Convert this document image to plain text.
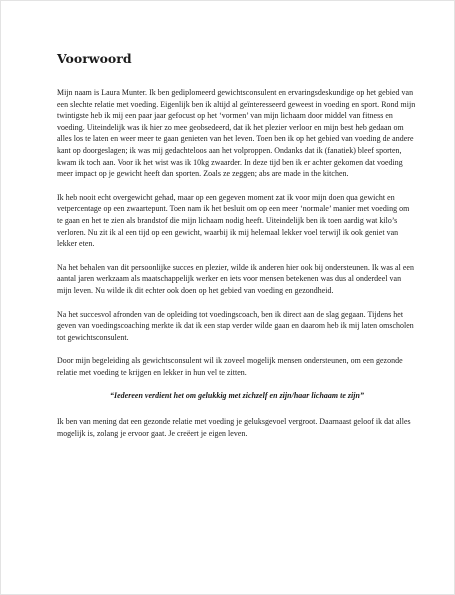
Voorwoord

Mijn naam is Laura Munter. Ik ben gediplomeerd gewichtsconsulent en ervaringsdeskundige op het gebied van een slechte relatie met voeding. Eigenlijk ben ik altijd al geïnteresseerd geweest in voeding en sport. Rond mijn twintigste heb ik mij een paar jaar gefocust op het ‘vormen’ van mijn lichaam door middel van fitness en voeding. Uiteindelijk was ik hier zo mee geobsedeerd, dat ik het plezier verloor en mijn best heb gedaan om alles los te laten en weer meer te gaan genieten van het leven. Toen ben ik op het gebied van voeding de andere kant op doorgeslagen; ik was mij gedachteloos aan het volproppen. Ondanks dat ik (fanatiek) bleef sporten, kwam ik toch aan. Voor ik het wist was ik 10kg zwaarder. In deze tijd ben ik er achter gekomen dat voeding meer impact op je gewicht heeft dan sporten. Zoals ze zeggen; abs are made in the kitchen.

Ik heb nooit echt overgewicht gehad, maar op een gegeven moment zat ik voor mijn doen qua gewicht en vetpercentage op een zwaartepunt. Toen nam ik het besluit om op een meer ‘normale’ manier met voeding om te gaan en het te zien als brandstof die mijn lichaam nodig heeft. Uiteindelijk ben ik toen aardig wat kilo’s verloren. Nu zit ik al een tijd op een gewicht, waarbij ik mij helemaal lekker voel terwijl ik ook geniet van lekker eten.

Na het behalen van dit persoonlijke succes en plezier, wilde ik anderen hier ook bij ondersteunen. Ik was al een aantal jaren werkzaam als maatschappelijk werker en iets voor mensen betekenen was dus al onderdeel van mijn leven. Nu wilde ik dit echter ook doen op het gebied van voeding en gezondheid.

Na het succesvol afronden van de opleiding tot voedingscoach, ben ik direct aan de slag gegaan. Tijdens het geven van voedingscoaching merkte ik dat ik een stap verder wilde gaan en daarom heb ik mij laten omscholen tot gewichtsconsulent.

Door mijn begeleiding als gewichtsconsulent wil ik zoveel mogelijk mensen ondersteunen, om een gezonde relatie met voeding te krijgen en lekker in hun vel te zitten.

“Iedereen verdient het om gelukkig met zichzelf en zijn/haar lichaam te zijn”

Ik ben van mening dat een gezonde relatie met voeding je geluksgevoel vergroot. Daarnaast geloof ik dat alles mogelijk is, zolang je ervoor gaat. Je creëert je eigen leven.
